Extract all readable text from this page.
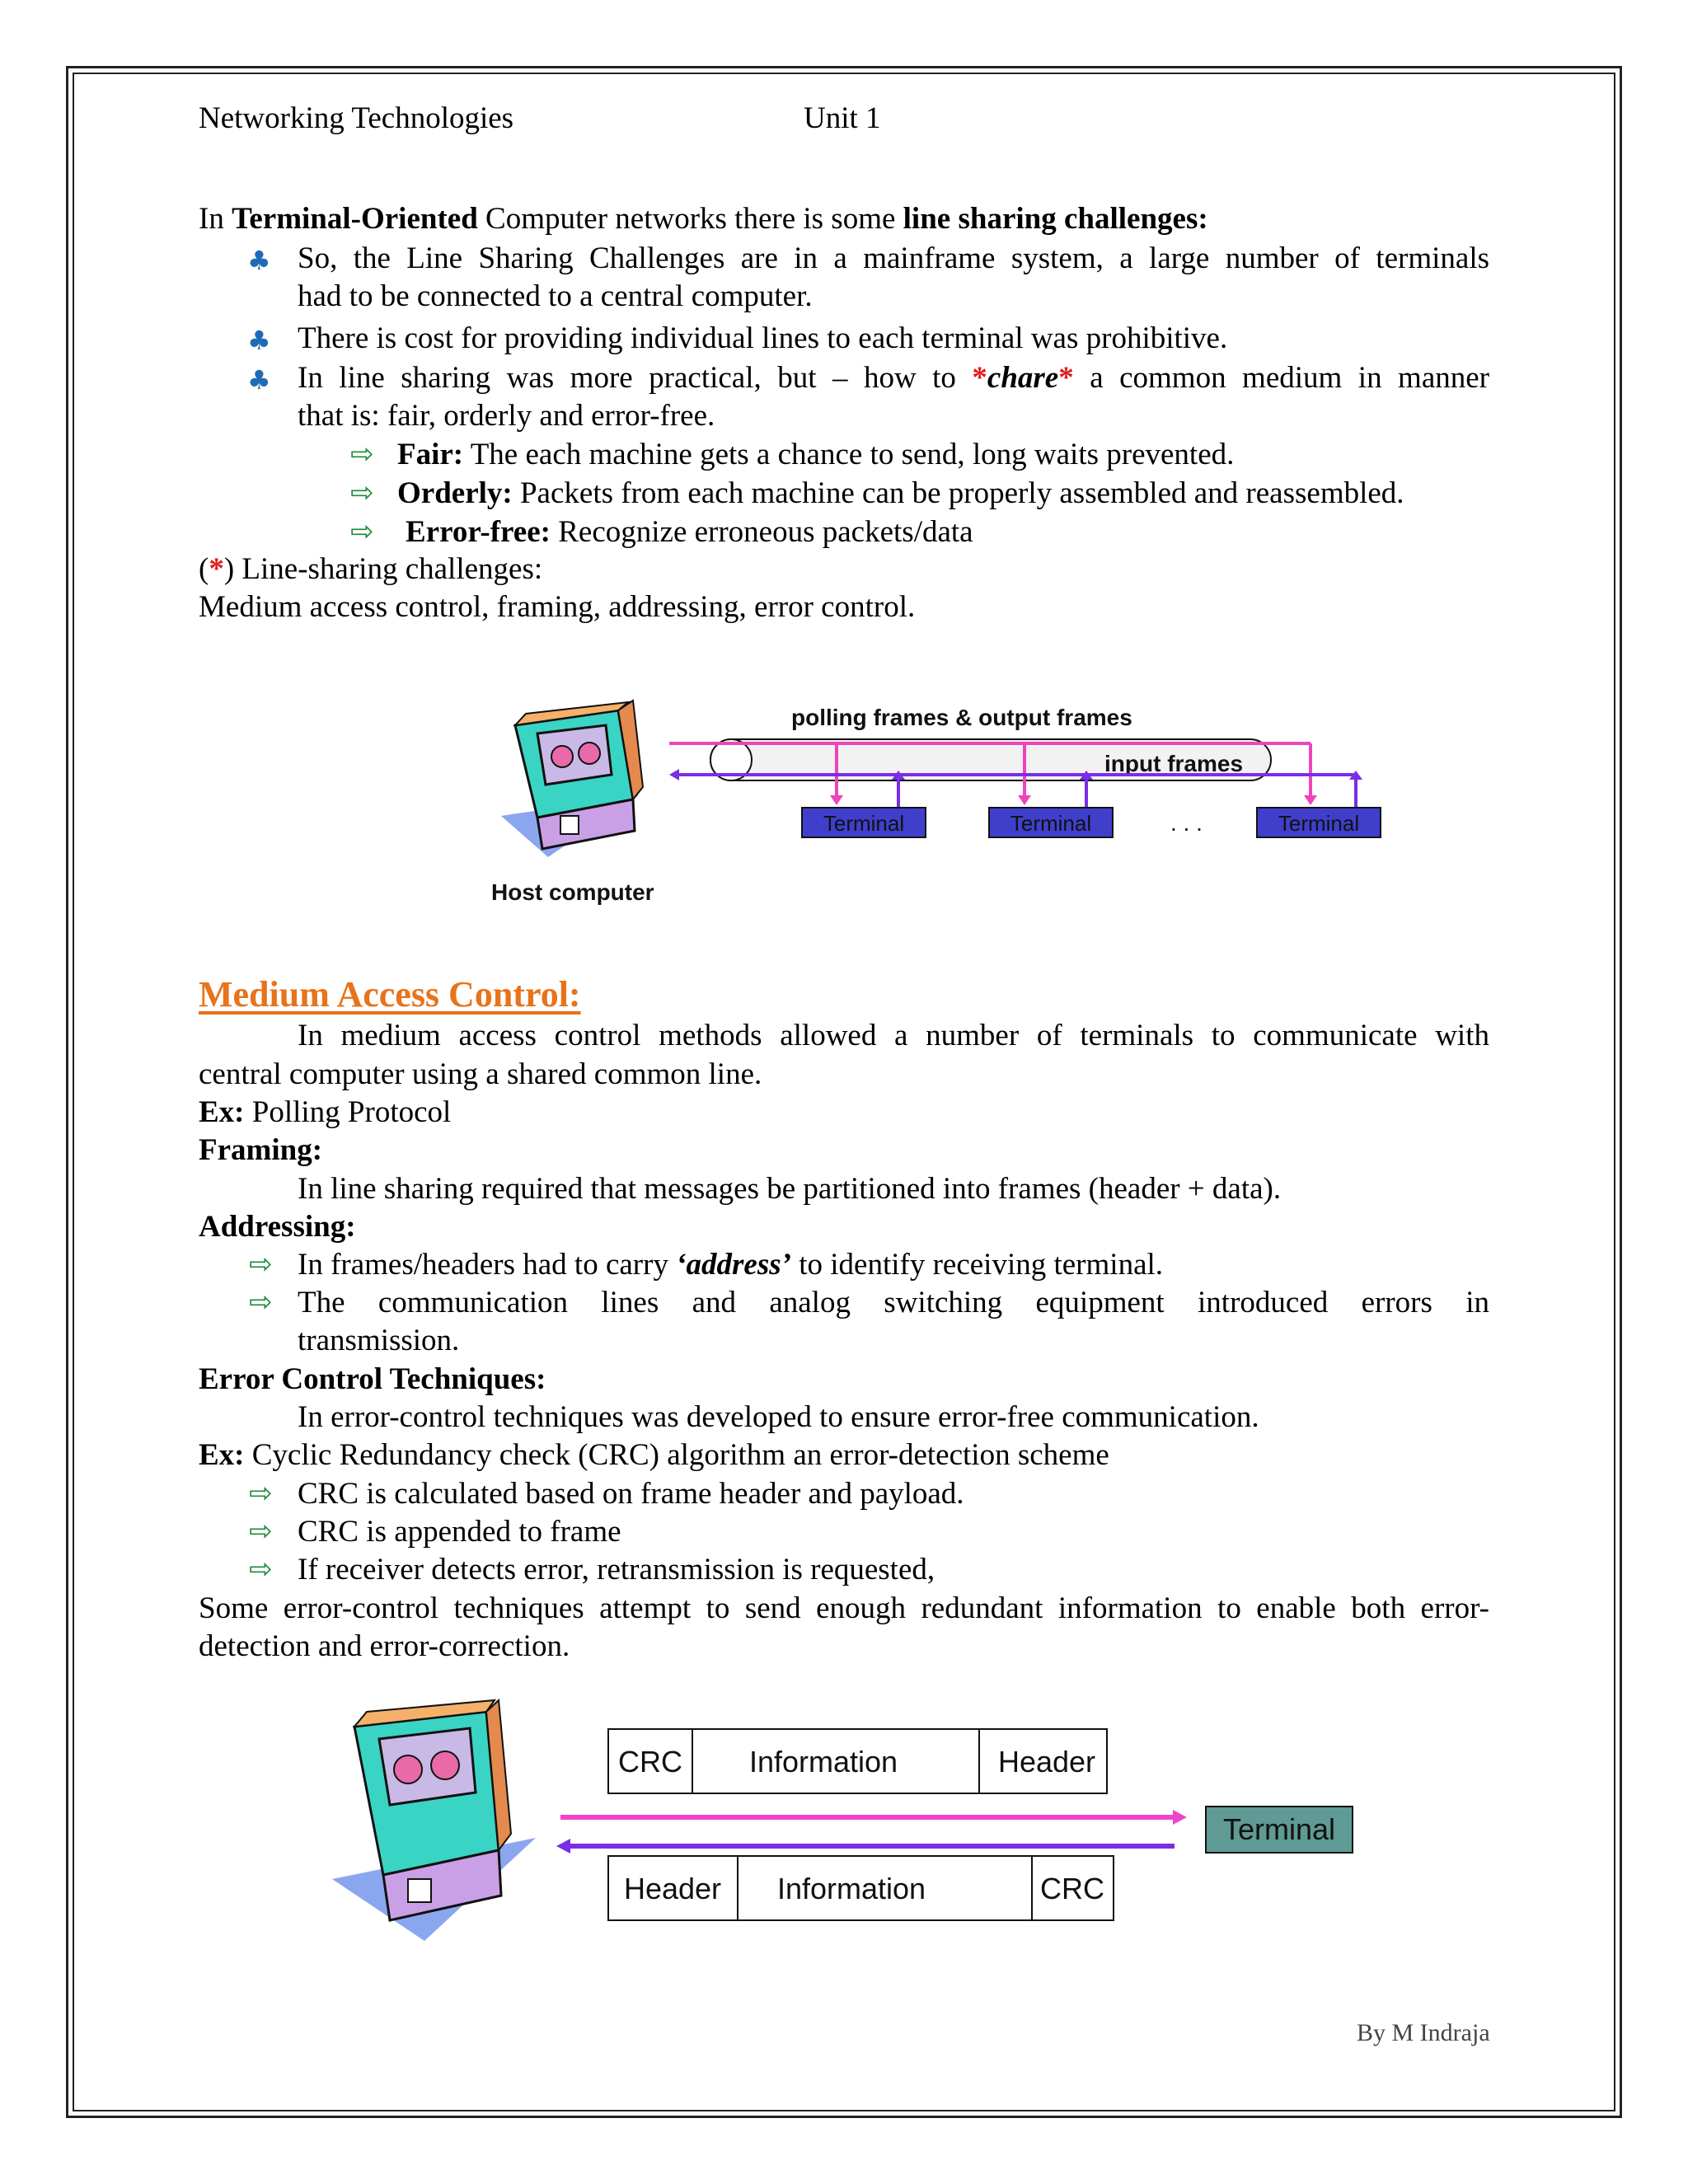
Networking Technologies	Unit 1
In Terminal-Oriented Computer networks there is some line sharing challenges:
♣ So, the Line Sharing Challenges are in a mainframe system, a large number of terminals
had to be connected to a central computer.
♣ There is cost for providing individual lines to each terminal was prohibitive.
♣ In line sharing was more practical, but – how to *chare* a common medium in manner
that is: fair, orderly and error-free.
⇨ Fair: The each machine gets a chance to send, long waits prevented.
⇨ Orderly: Packets from each machine can be properly assembled and reassembled.
⇨ Error-free: Recognize erroneous packets/data
(*) Line-sharing challenges:
Medium access control, framing, addressing, error control.
polling frames & output frames
input frames
Terminal	Terminal	. . .	Terminal
Host computer
Medium Access Control:
In medium access control methods allowed a number of terminals to communicate with
central computer using a shared common line.
Ex: Polling Protocol
Framing:
In line sharing required that messages be partitioned into frames (header + data).
Addressing:
⇨ In frames/headers had to carry ‘address’ to identify receiving terminal.
⇨ The communication lines and analog switching equipment introduced errors in
transmission.
Error Control Techniques:
In error-control techniques was developed to ensure error-free communication.
Ex: Cyclic Redundancy check (CRC) algorithm an error-detection scheme
⇨ CRC is calculated based on frame header and payload.
⇨ CRC is appended to frame
⇨ If receiver detects error, retransmission is requested,
Some error-control techniques attempt to send enough redundant information to enable both error-
detection and error-correction.
CRC Information	Header
Terminal
Header Information	CRC
By M Indraja
